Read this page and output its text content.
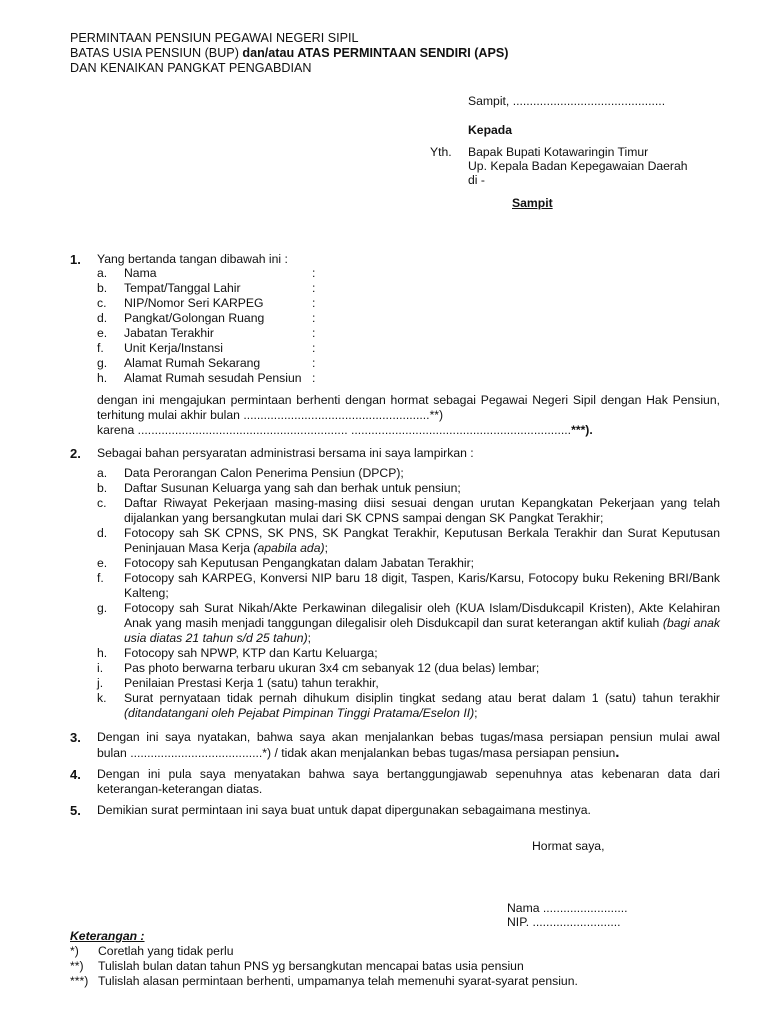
PERMINTAAN PENSIUN PEGAWAI NEGERI SIPIL
BATAS USIA PENSIUN (BUP) dan/atau ATAS PERMINTAAN SENDIRI (APS)
DAN KENAIKAN PANGKAT PENGABDIAN
Sampit, .............................................
Kepada
Yth. Bapak Bupati Kotawaringin Timur
Up. Kepala Badan Kepegawaian Daerah
di -
Sampit
1. Yang bertanda tangan dibawah ini :
a.	Nama	:
b.	Tempat/Tanggal Lahir	:
c.	NIP/Nomor Seri KARPEG	:
d.	Pangkat/Golongan Ruang	:
e.	Jabatan Terakhir	:
f.	Unit Kerja/Instansi	:
g.	Alamat Rumah Sekarang	:
h.	Alamat Rumah sesudah Pensiun :
dengan ini mengajukan permintaan berhenti dengan hormat sebagai Pegawai Negeri Sipil dengan Hak Pensiun, terhitung mulai akhir bulan .......................................................**)
karena .............................................................. .................................................................***).
2. Sebagai bahan persyaratan administrasi bersama ini saya lampirkan :
a. Data Perorangan Calon Penerima Pensiun (DPCP);
b. Daftar Susunan Keluarga yang sah dan berhak untuk pensiun;
c. Daftar Riwayat Pekerjaan masing-masing diisi sesuai dengan urutan Kepangkatan Pekerjaan yang telah dijalankan yang bersangkutan mulai dari SK CPNS sampai dengan SK Pangkat Terakhir;
d. Fotocopy sah SK CPNS, SK PNS, SK Pangkat Terakhir, Keputusan Berkala Terakhir dan Surat Keputusan Peninjauan Masa Kerja (apabila ada);
e. Fotocopy sah Keputusan Pengangkatan dalam Jabatan Terakhir;
f. Fotocopy sah KARPEG, Konversi NIP baru 18 digit, Taspen, Karis/Karsu, Fotocopy buku Rekening BRI/Bank Kalteng;
g. Fotocopy sah Surat Nikah/Akte Perkawinan dilegalisir oleh (KUA Islam/Disdukcapil Kristen), Akte Kelahiran Anak yang masih menjadi tanggungan dilegalisir oleh Disdukcapil dan surat keterangan aktif kuliah (bagi anak usia diatas 21 tahun s/d 25 tahun);
h. Fotocopy sah NPWP, KTP dan Kartu Keluarga;
i. Pas photo berwarna terbaru ukuran 3x4 cm sebanyak 12 (dua belas) lembar;
j. Penilaian Prestasi Kerja 1 (satu) tahun terakhir,
k. Surat pernyataan tidak pernah dihukum disiplin tingkat sedang atau berat dalam 1 (satu) tahun terakhir (ditandatangani oleh Pejabat Pimpinan Tinggi Pratama/Eselon II);
3. Dengan ini saya nyatakan, bahwa saya akan menjalankan bebas tugas/masa persiapan pensiun mulai awal
bulan .......................................*) / tidak akan menjalankan bebas tugas/masa persiapan pensiun.
4. Dengan ini pula saya menyatakan bahwa saya bertanggungjawab sepenuhnya atas kebenaran data dari keterangan-keterangan diatas.
5. Demikian surat permintaan ini saya buat untuk dapat dipergunakan sebagaimana mestinya.
Hormat saya,
Nama .........................
NIP. ..........................
Keterangan :
*) Coretlah yang tidak perlu
**) Tulislah bulan datan tahun PNS yg bersangkutan mencapai batas usia pensiun
***) Tulislah alasan permintaan berhenti, umpamanya telah memenuhi syarat-syarat pensiun.
